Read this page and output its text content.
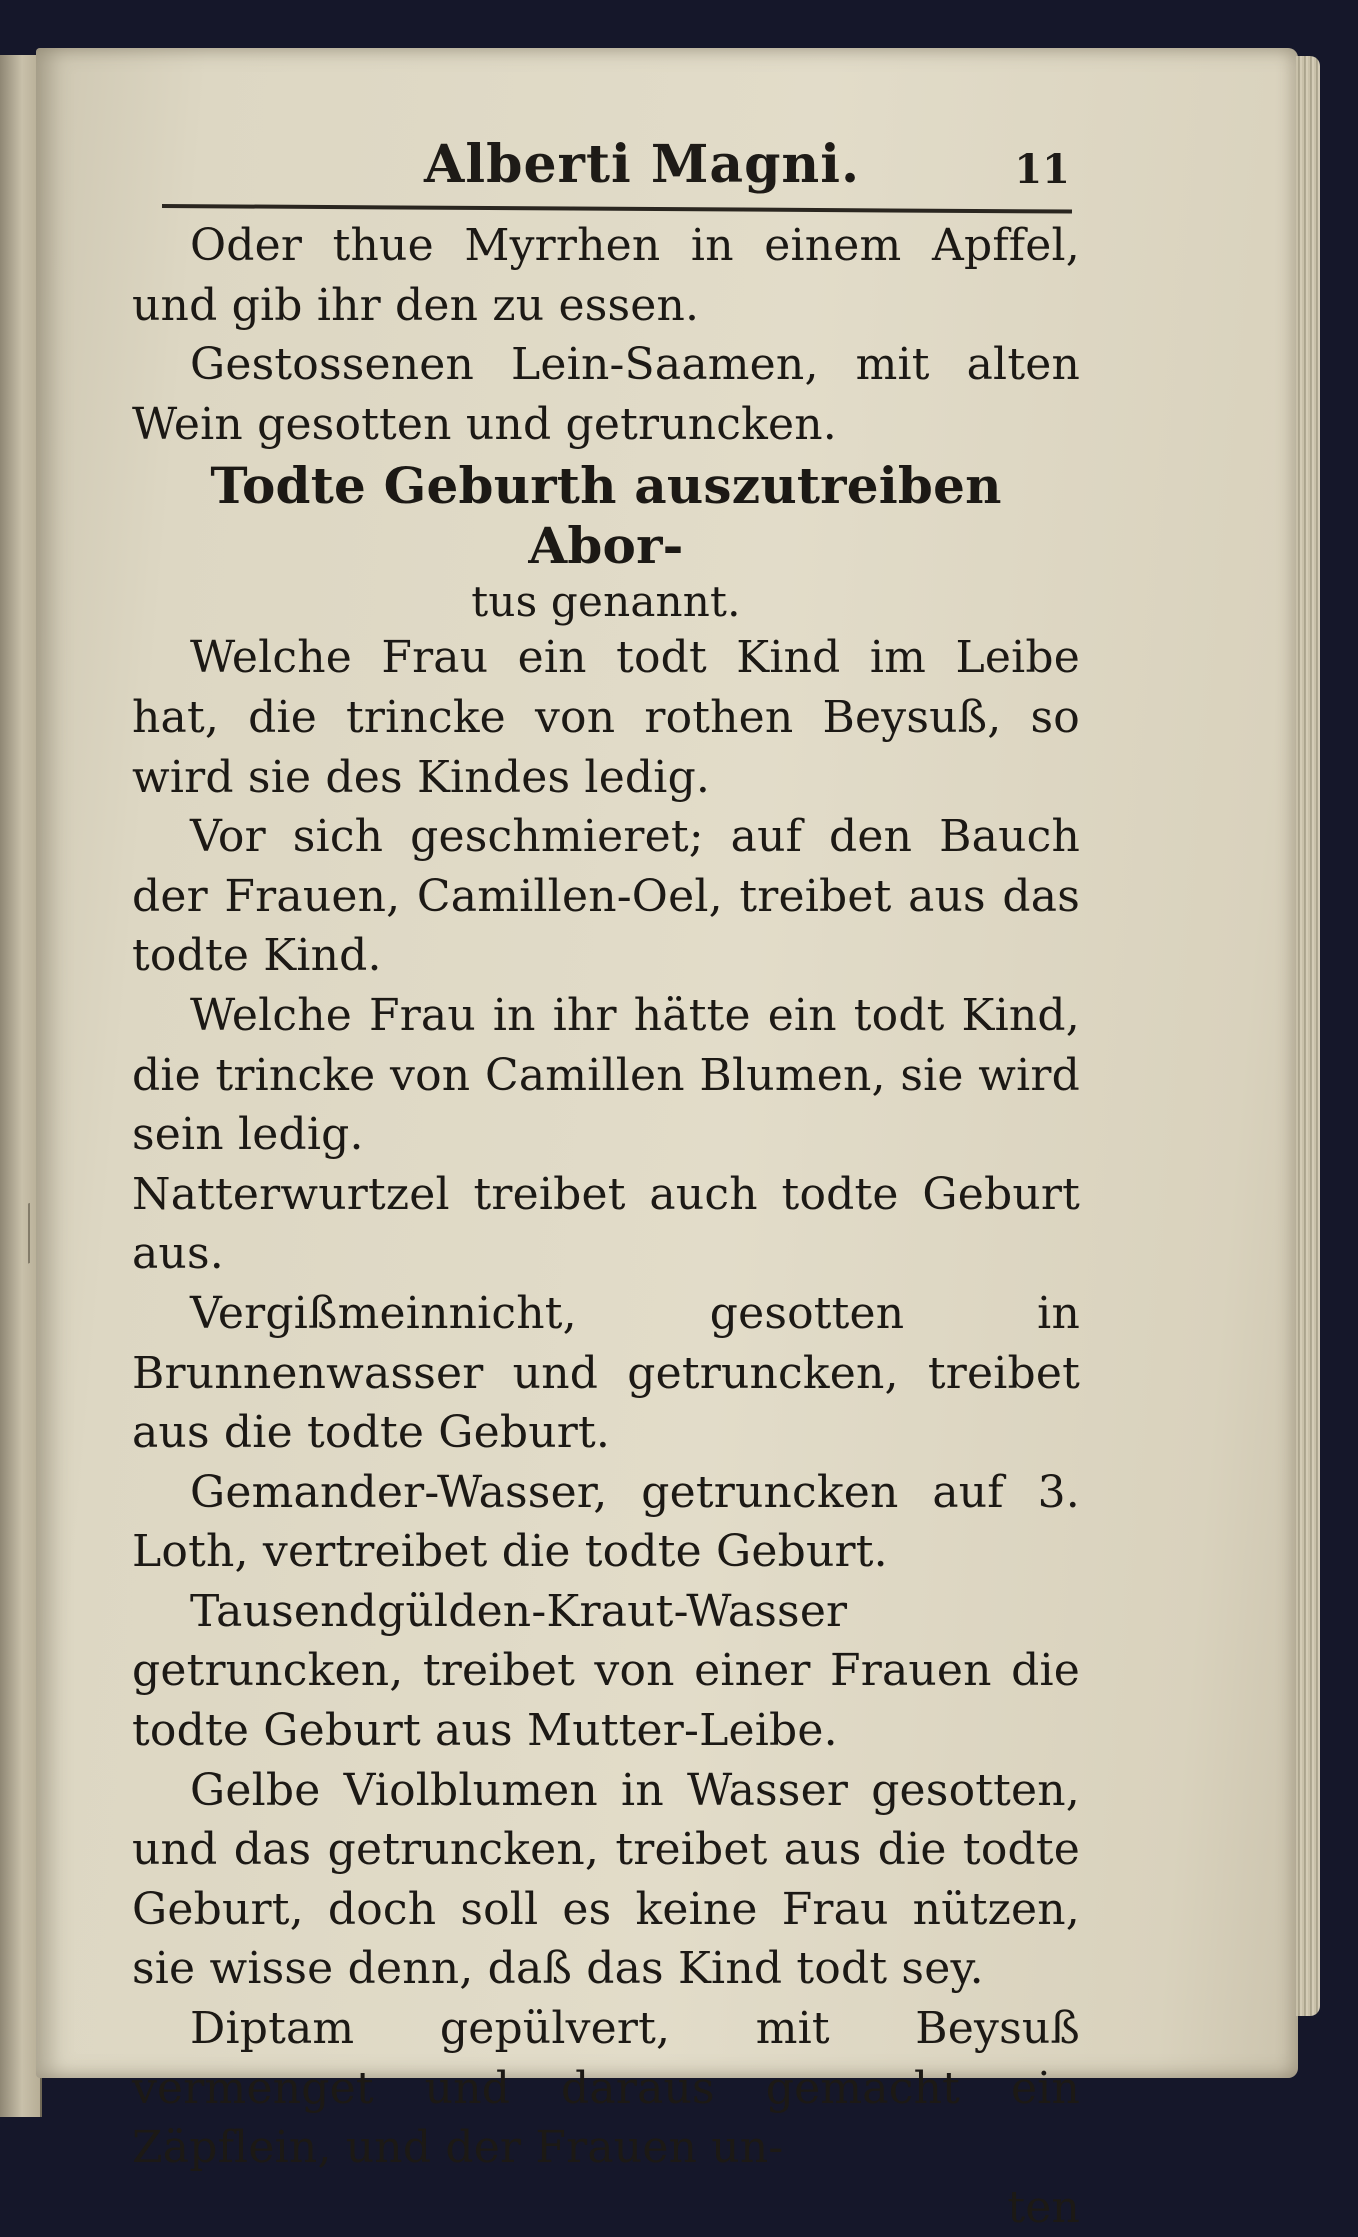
Alberti Magni.	11

Oder thue Myrrhen in einem Apffel, und gib ihr den zu essen.

Gestossenen Lein-Saamen, mit alten Wein gesotten und getruncken.

Todte Geburth auszutreiben Abor-
tus genannt.

Welche Frau ein todt Kind im Leibe hat, die trincke von rothen Beysuß, so wird sie des Kindes ledig.

Vor sich geschmieret; auf den Bauch der Frauen, Camillen-Oel, treibet aus das todte Kind.

Welche Frau in ihr hätte ein todt Kind, die trincke von Camillen Blumen, sie wird sein ledig.

Natterwurtzel treibet auch todte Geburt aus.

Vergißmeinnicht, gesotten in Brunnenwasser und getruncken, treibet aus die todte Geburt.

Gemander-Wasser, getruncken auf 3. Loth, vertreibet die todte Geburt.

Tausendgülden-Kraut-Wasser getruncken, treibet von einer Frauen die todte Geburt aus Mutter-Leibe.

Gelbe Violblumen in Wasser gesotten, und das getruncken, treibet aus die todte Geburt, doch soll es keine Frau nützen, sie wisse denn, daß das Kind todt sey.

Diptam gepülvert, mit Beysuß vermenget und daraus gemacht ein Zäpflein, und der Frauen un-

ten
